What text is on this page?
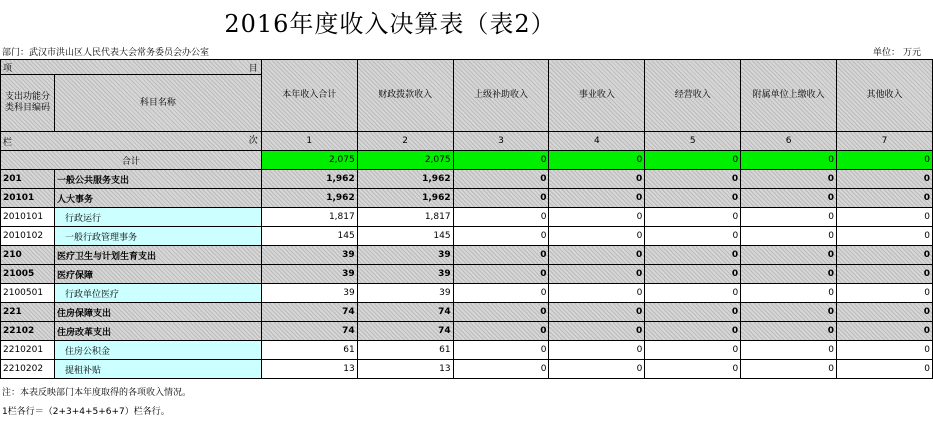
2016年度收入决算表（表2）
部门：武汉市洪山区人民代表大会常务委员会办公室	单位： 万元
项 目		本年收入合计	财政拨款收入	上级补助收入	事业收入	经营收入	附属单位上缴收入	其他收入
支出功能分类科目编码	科目名称							

栏 次		1	2	3	4	5	6	7
合计		2,075	2,075	0	0	0	0	0
201	一般公共服务支出	1,962	1,962	0	0	0	0	0
20101	人大事务	1,962	1,962	0	0	0	0	0
2010101	行政运行	1,817	1,817	0	0	0	0	0
2010102	一般行政管理事务	145	145	0	0	0	0	0
210	医疗卫生与计划生育支出	39	39	0	0	0	0	0
21005	医疗保障	39	39	0	0	0	0	0
2100501	行政单位医疗	39	39	0	0	0	0	0
221	住房保障支出	74	74	0	0	0	0	0
22102	住房改革支出	74	74	0	0	0	0	0
2210201	住房公积金	61	61	0	0	0	0	0
2210202	提租补贴	13	13	0	0	0	0	0
注：本表反映部门本年度取得的各项收入情况。
1栏各行＝（2+3+4+5+6+7）栏各行。
